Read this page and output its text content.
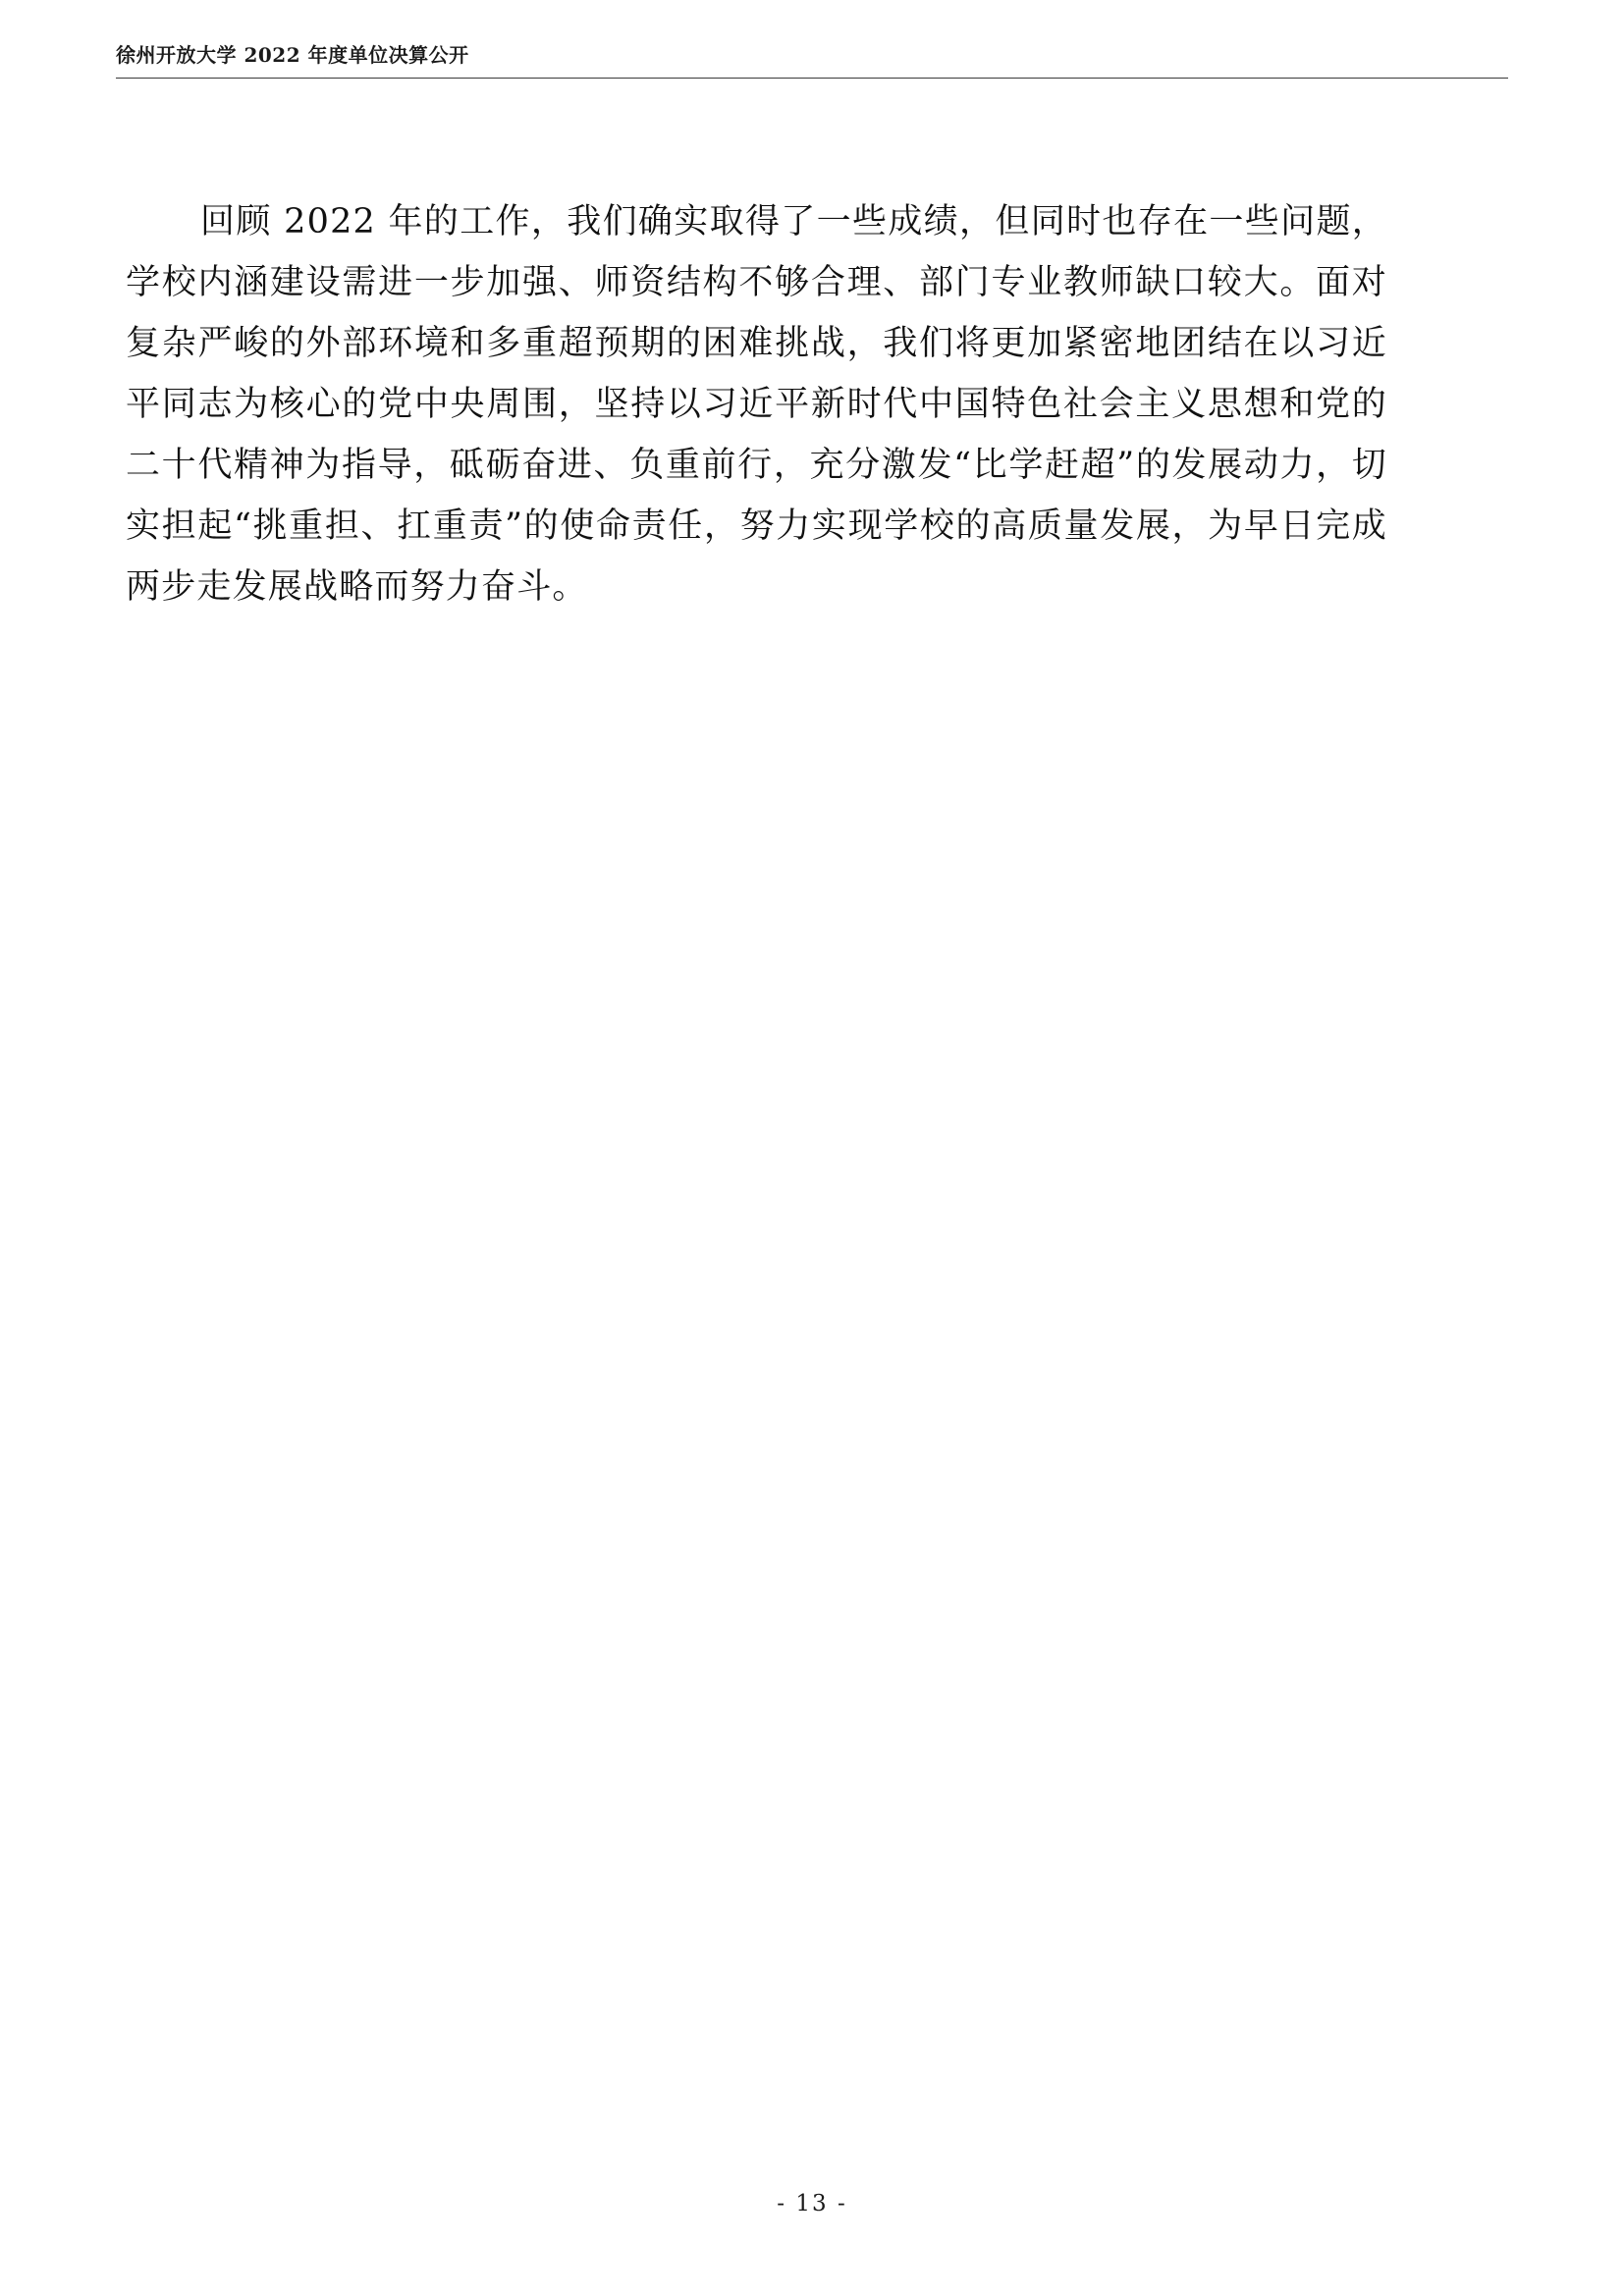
徐州开放大学 2022 年度单位决算公开

回顾 2022 年的工作，我们确实取得了一些成绩，但同时也存在一些问题，学校内涵建设需进一步加强、师资结构不够合理、部门专业教师缺口较大。面对复杂严峻的外部环境和多重超预期的困难挑战，我们将更加紧密地团结在以习近平同志为核心的党中央周围，坚持以习近平新时代中国特色社会主义思想和党的二十代精神为指导，砥砺奋进、负重前行，充分激发“比学赶超”的发展动力，切实担起“挑重担、扛重责”的使命责任，努力实现学校的高质量发展，为早日完成两步走发展战略而努力奋斗。

- 13 -
